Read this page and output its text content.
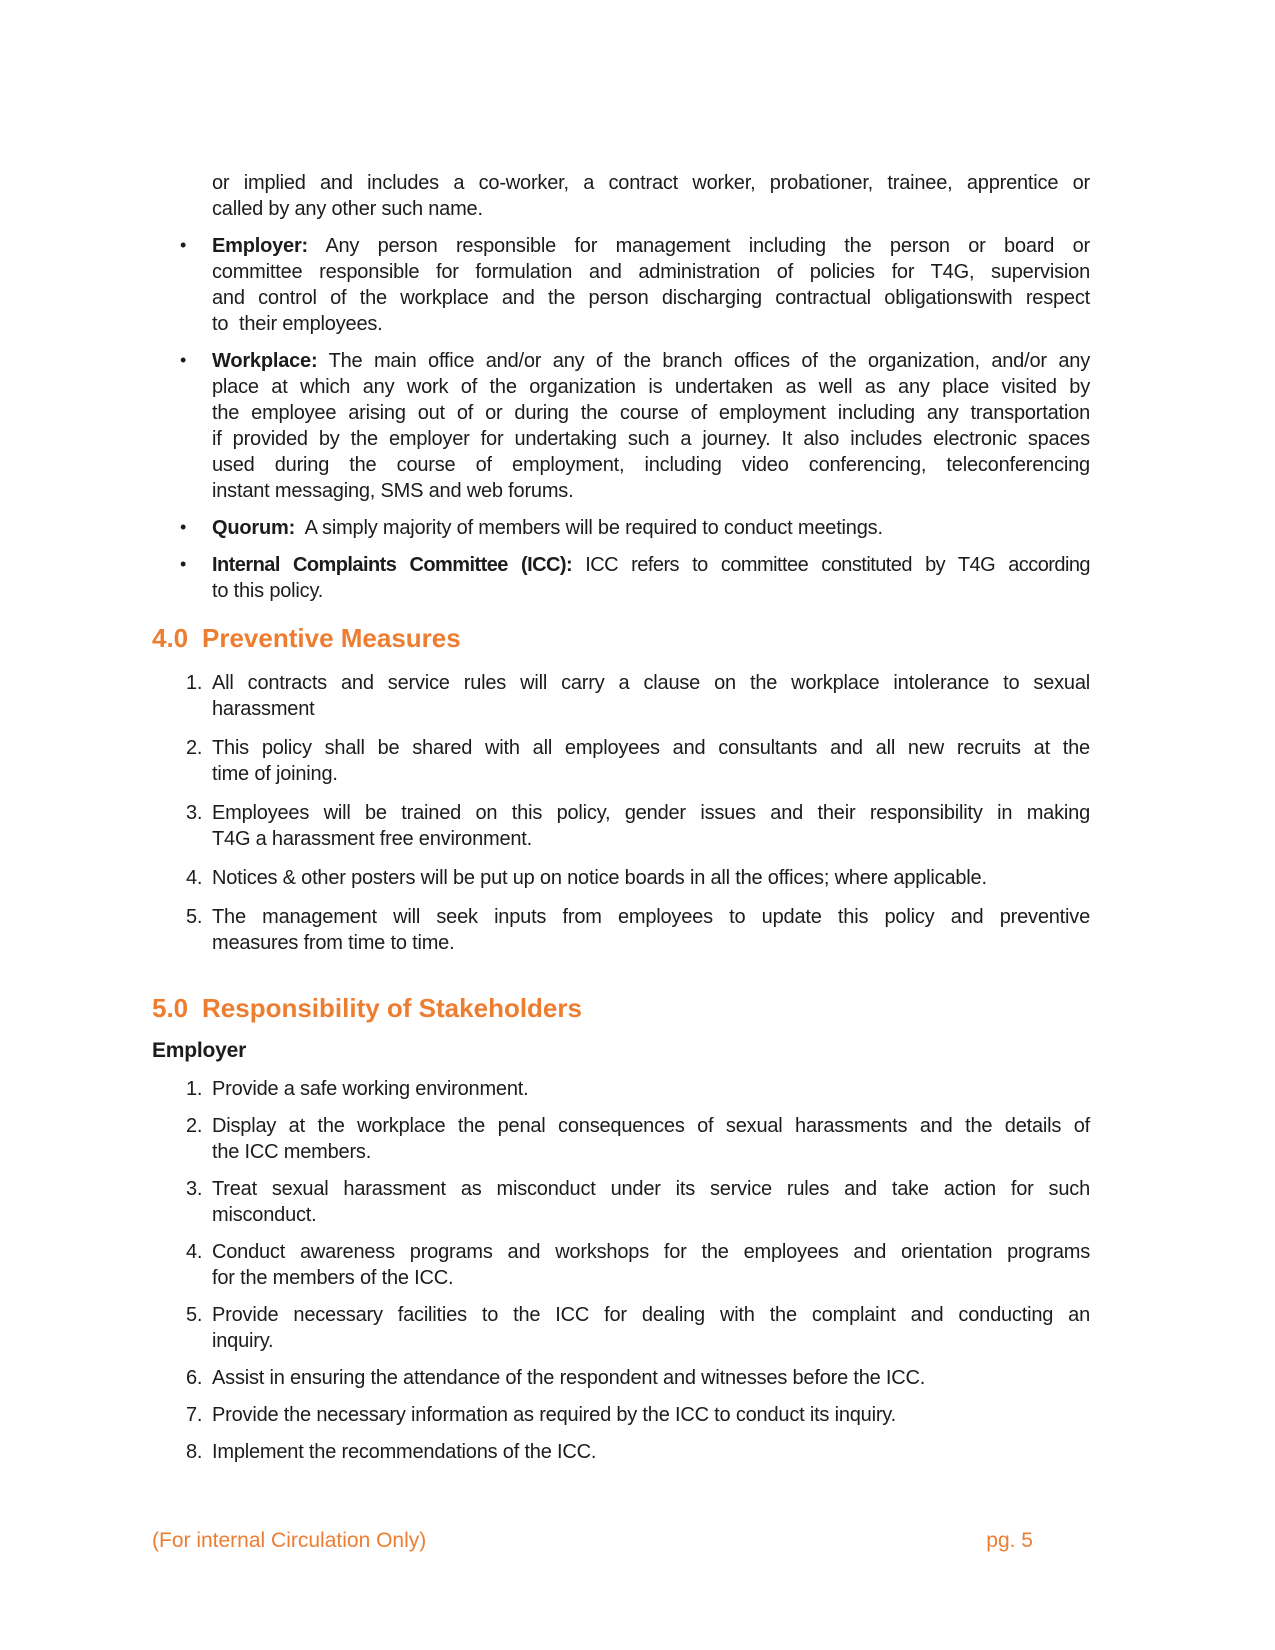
or implied and includes a co-worker, a contract worker, probationer, trainee, apprentice or
called by any other such name.
• Employer: Any person responsible for management including the person or board or
committee responsible for formulation and administration of policies for T4G, supervision
and control of the workplace and the person discharging contractual obligationswith respect
to  their employees.
• Workplace: The main office and/or any of the branch offices of the organization, and/or any
place at which any work of the organization is undertaken as well as any place visited by
the employee arising out of or during the course of employment including any transportation
if provided by the employer for undertaking such a journey. It also includes electronic spaces
used during the course of employment, including video conferencing, teleconferencing
instant messaging, SMS and web forums.
• Quorum:  A simply majority of members will be required to conduct meetings.
• Internal Complaints Committee (ICC): ICC refers to committee constituted by T4G according
to this policy.
4.0 Preventive Measures
1. All contracts and service rules will carry a clause on the workplace intolerance to sexual
harassment
2. This policy shall be shared with all employees and consultants and all new recruits at the
time of joining.
3. Employees will be trained on this policy, gender issues and their responsibility in making
T4G a harassment free environment.
4. Notices & other posters will be put up on notice boards in all the offices; where applicable.
5. The management will seek inputs from employees to update this policy and preventive
measures from time to time.
5.0 Responsibility of Stakeholders
Employer
1. Provide a safe working environment.
2. Display at the workplace the penal consequences of sexual harassments and the details of
the ICC members.
3. Treat sexual harassment as misconduct under its service rules and take action for such
misconduct.
4. Conduct awareness programs and workshops for the employees and orientation programs
for the members of the ICC.
5. Provide necessary facilities to the ICC for dealing with the complaint and conducting an
inquiry.
6. Assist in ensuring the attendance of the respondent and witnesses before the ICC.
7. Provide the necessary information as required by the ICC to conduct its inquiry.
8. Implement the recommendations of the ICC.
(For internal Circulation Only)	pg. 5
